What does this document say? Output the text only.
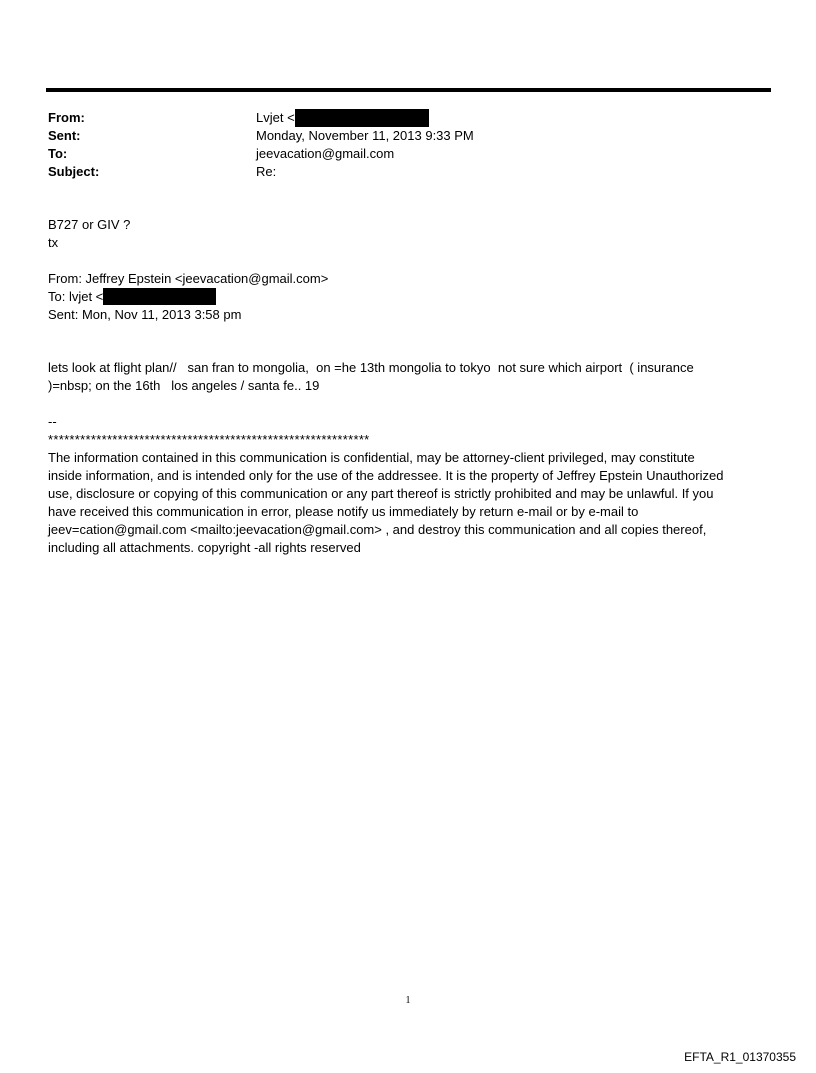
From:	Lvjet <
Sent:	Monday, November 11, 2013 9:33 PM
To:	jeevacation@gmail.com
Subject:	Re:

B727 or GIV ?

tx

From: Jeffrey Epstein <jeevacation@gmail.com>

To: lvjet <

Sent: Mon, Nov 11, 2013 3:58 pm

lets look at flight plan//   san fran to mongolia,  on =he 13th mongolia to tokyo  not sure which airport  ( insurance

)=nbsp; on the 16th   los angeles / santa fe.. 19

--

************************************************************

The information contained in this communication is confidential, may be attorney-client privileged, may constitute

inside information, and is intended only for the use of the addressee. It is the property of Jeffrey Epstein Unauthorized

use, disclosure or copying of this communication or any part thereof is strictly prohibited and may be unlawful. If you

have received this communication in error, please notify us immediately by return e-mail or by e-mail to

jeev=cation@gmail.com <mailto:jeevacation@gmail.com> , and destroy this communication and all copies thereof,

including all attachments. copyright -all rights reserved

1
EFTA_R1_01370355
